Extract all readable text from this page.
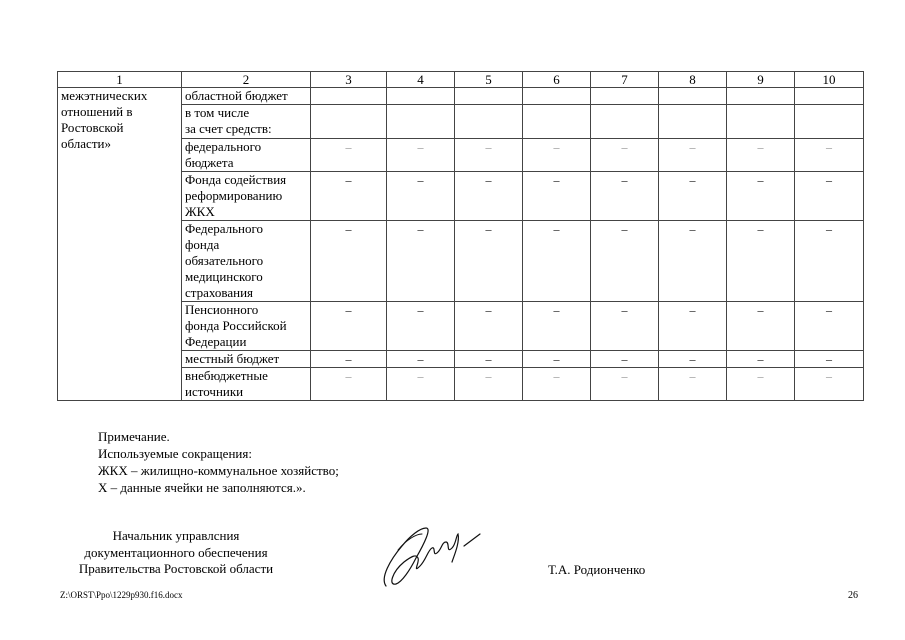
1	2	3	4	5	6	7	8	9	10

межэтнических
отношений в
Ростовской
области»	областной бюджет								

	в том числе
за счет средств:								

	федерального
бюджета	–	–	–	–	–	–	–	–

	Фонда содействия
реформированию
ЖКХ	–	–	–	–	–	–	–	–

	Федерального
фонда
обязательного
медицинского
страхования	–	–	–	–	–	–	–	–

	Пенсионного
фонда Российской
Федерации	–	–	–	–	–	–	–	–

	местный бюджет	–	–	–	–	–	–	–	–

	внебюджетные
источники	–	–	–	–	–	–	–	–
Примечание.
Используемые сокращения:
ЖКХ – жилищно-коммунальное хозяйство;
Х – данные ячейки не заполняются.».
Начальник управлсния
документационного обеспечения
Правительства Ростовской области	Т.А. Родионченко
Z:\ORST\Ppo\1229p930.f16.docx	26
